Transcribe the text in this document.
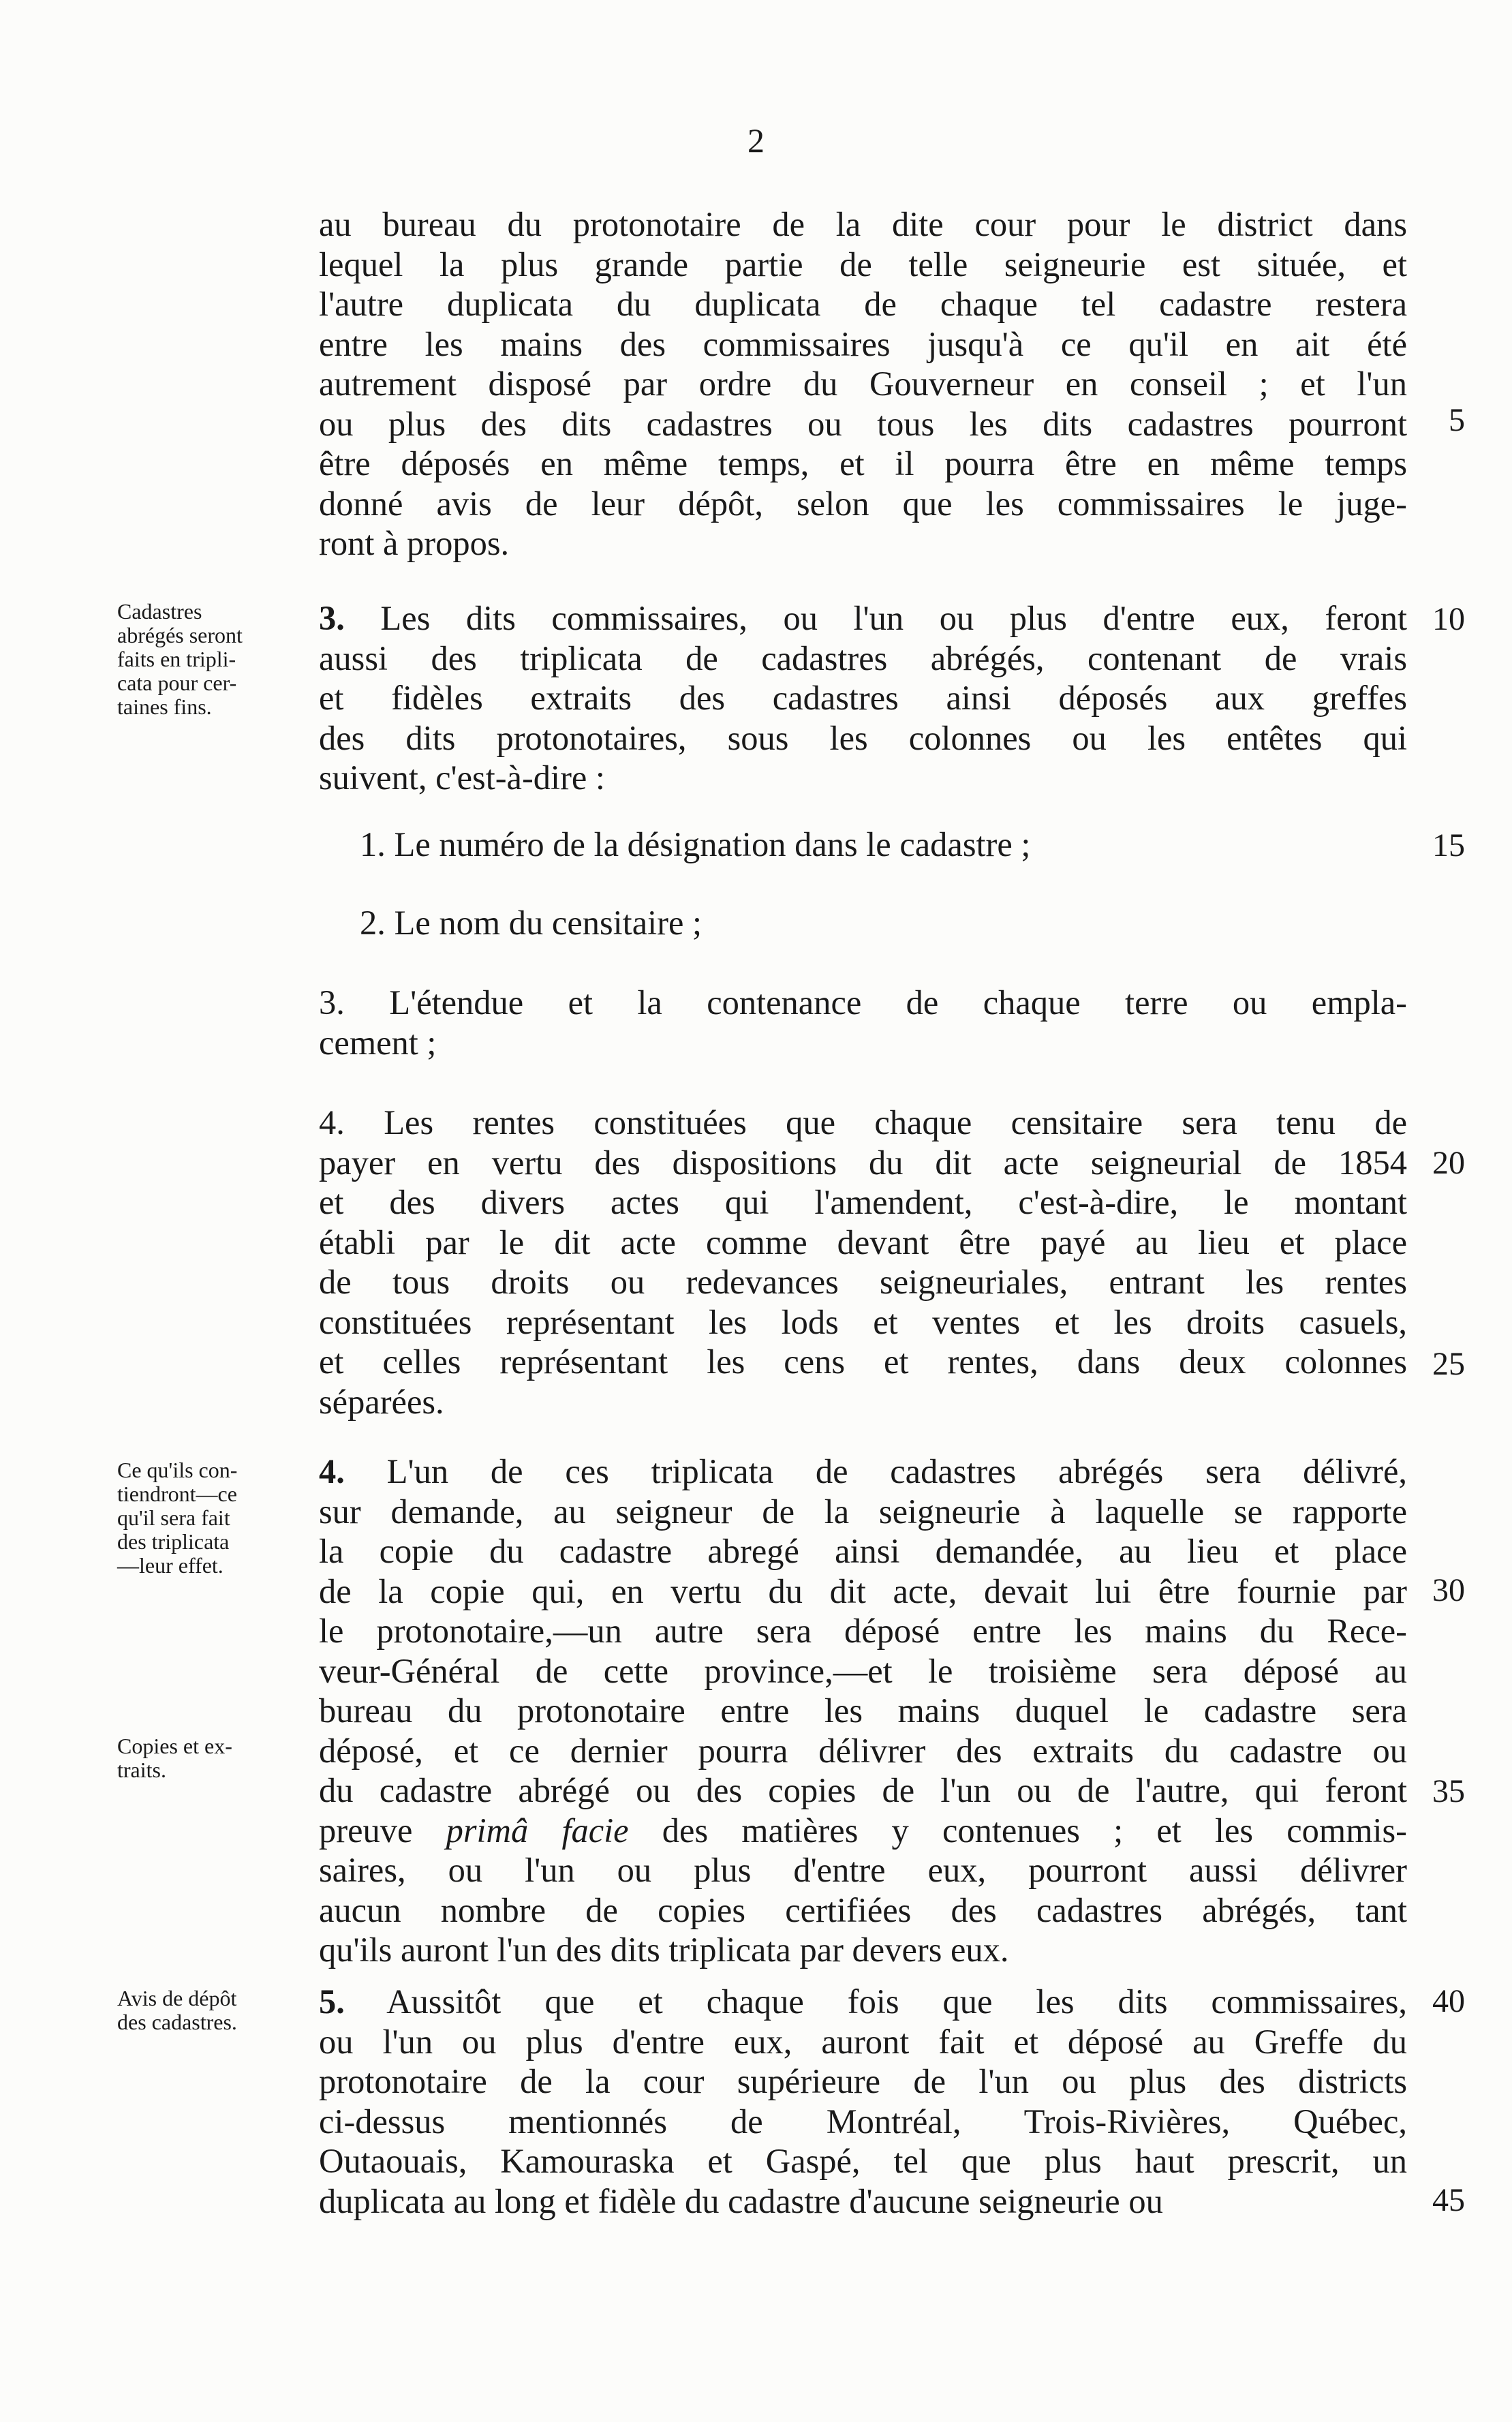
2
au bureau du protonotaire de la dite cour pour le district dans
lequel la plus grande partie de telle seigneurie est située, et
l'autre duplicata du duplicata de chaque tel cadastre restera
entre les mains des commissaires jusqu'à ce qu'il en ait été
autrement disposé par ordre du Gouverneur en conseil ; et l'un
ou plus des dits cadastres ou tous les dits cadastres pourront
être déposés en même temps, et il pourra être en même temps
donné avis de leur dépôt, selon que les commissaires le juge-
ront à propos.
3. Les dits commissaires, ou l'un ou plus d'entre eux, feront
aussi des triplicata de cadastres abrégés, contenant de vrais
et fidèles extraits des cadastres ainsi déposés aux greffes
des dits protonotaires, sous les colonnes ou les entêtes qui
suivent, c'est-à-dire :
1. Le numéro de la désignation dans le cadastre ;
2. Le nom du censitaire ;
3. L'étendue et la contenance de chaque terre ou empla-
cement ;
4. Les rentes constituées que chaque censitaire sera tenu de
payer en vertu des dispositions du dit acte seigneurial de 1854
et des divers actes qui l'amendent, c'est-à-dire, le montant
établi par le dit acte comme devant être payé au lieu et place
de tous droits ou redevances seigneuriales, entrant les rentes
constituées représentant les lods et ventes et les droits casuels,
et celles représentant les cens et rentes, dans deux colonnes
séparées.
4. L'un de ces triplicata de cadastres abrégés sera délivré,
sur demande, au seigneur de la seigneurie à laquelle se rapporte
la copie du cadastre abregé ainsi demandée, au lieu et place
de la copie qui, en vertu du dit acte, devait lui être fournie par
le protonotaire,—un autre sera déposé entre les mains du Rece-
veur-Général de cette province,—et le troisième sera déposé au
bureau du protonotaire entre les mains duquel le cadastre sera
déposé, et ce dernier pourra délivrer des extraits du cadastre ou
du cadastre abrégé ou des copies de l'un ou de l'autre, qui feront
preuve primâ facie des matières y contenues ; et les commis-
saires, ou l'un ou plus d'entre eux, pourront aussi délivrer
aucun nombre de copies certifiées des cadastres abrégés, tant
qu'ils auront l'un des dits triplicata par devers eux.
5. Aussitôt que et chaque fois que les dits commissaires,
ou l'un ou plus d'entre eux, auront fait et déposé au Greffe du
protonotaire de la cour supérieure de l'un ou plus des districts
ci-dessus mentionnés de Montréal, Trois-Rivières, Québec,
Outaouais, Kamouraska et Gaspé, tel que plus haut prescrit, un
duplicata au long et fidèle du cadastre d'aucune seigneurie ou
Cadastres
abrégés seront
faits en tripli-
cata pour cer-
taines fins.
Ce qu'ils con-
tiendront—ce
qu'il sera fait
des triplicata
—leur effet.
Copies et ex-
traits.
Avis de dépôt
des cadastres.
5
10
15
20
25
30
35
40
45
